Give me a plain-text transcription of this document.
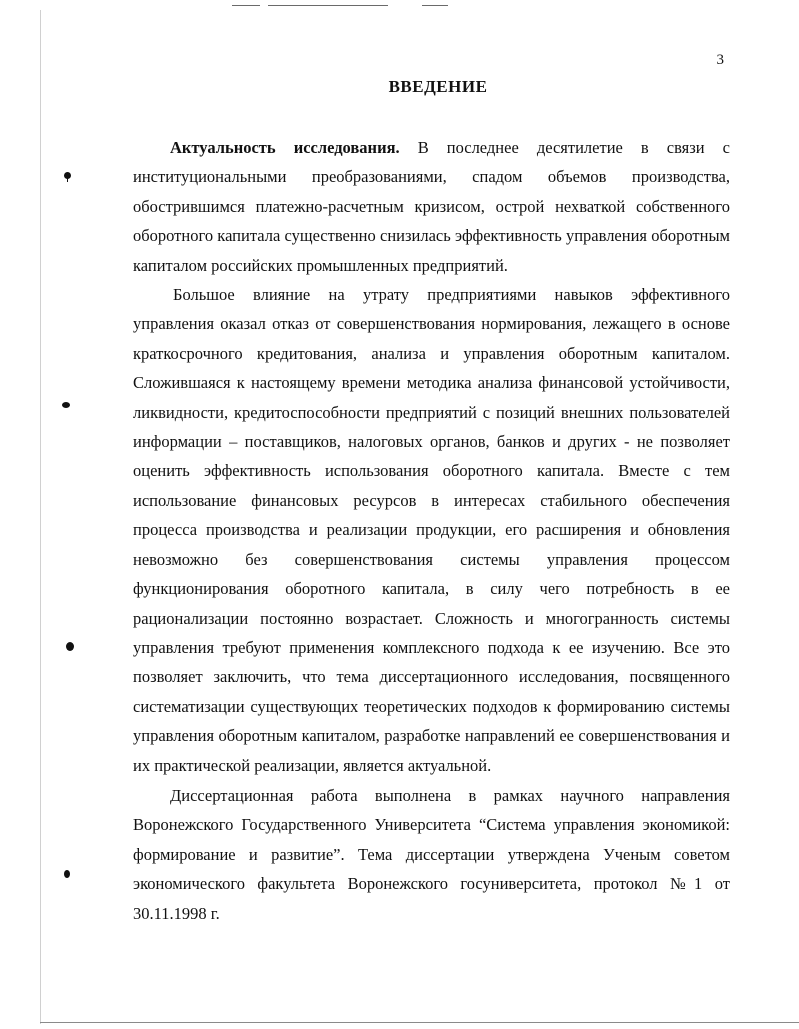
3
ВВЕДЕНИЕ

Актуальность исследования. В последнее десятилетие в связи с институциональными преобразованиями, спадом объемов производства, обострившимся платежно-расчетным кризисом, острой нехваткой собственного оборотного капитала существенно снизилась эффективность управления оборотным капиталом российских промышленных предприятий.

Большое влияние на утрату предприятиями навыков эффективного управления оказал отказ от совершенствования нормирования, лежащего в основе краткосрочного кредитования, анализа и управления оборотным капиталом. Сложившаяся к настоящему времени методика анализа финансовой устойчивости, ликвидности, кредитоспособности предприятий с позиций внешних пользователей информации – поставщиков, налоговых органов, банков и других - не позволяет оценить эффективность использования оборотного капитала. Вместе с тем использование финансовых ресурсов в интересах стабильного обеспечения процесса производства и реализации продукции, его расширения и обновления невозможно без совершенствования системы управления процессом функционирования оборотного капитала, в силу чего потребность в ее рационализации постоянно возрастает. Сложность и многогранность системы управления требуют применения комплексного подхода к ее изучению. Все это позволяет заключить, что тема диссертационного исследования, посвященного систематизации существующих теоретических подходов к формированию системы управления оборотным капиталом, разработке направлений ее совершенствования и их практической реализации, является актуальной.

Диссертационная работа выполнена в рамках научного направления Воронежского Государственного Университета “Система управления экономикой: формирование и развитие”. Тема диссертации утверждена Ученым советом экономического факультета Воронежского госуниверситета, протокол №1 от 30.11.1998 г.
